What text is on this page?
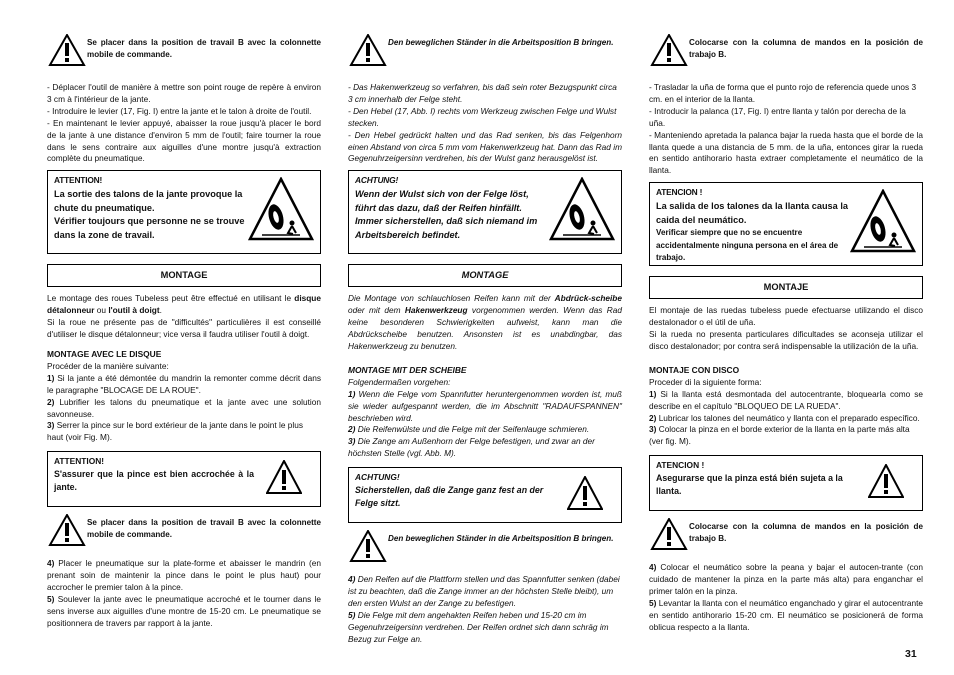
Se placer dans la position de travail B avec la colonnette mobile de commande.

- Déplacer l'outil de manière à mettre son point rouge de repère à environ 3 cm à l'intérieur de la jante.

- Introduire le levier (17, Fig. I) entre la jante et le talon à droite de l'outil.

- En maintenant le levier appuyé, abaisser la roue jusqu'à placer le bord de la jante à une distance d'environ 5 mm de l'outil; faire tourner la roue dans le sens contraire aux aiguilles d'une montre jusqu'à extraction complète du pneumatique.

ATTENTION!
La sortie des talons de la jante provoque la chute du pneumatique.
Vérifier toujours que personne ne se trouve dans la zone de travail.
MONTAGE

Le montage des roues Tubeless peut être effectué en utilisant le disque détalonneur ou l'outil à doigt.

Si la roue ne présente pas de "difficultés" particulières il est conseillé d'utiliser le disque détalonneur; vice versa il faudra utiliser l'outil à doigt.

MONTAGE AVEC LE DISQUE

Procéder de la manière suivante:

1) Si la jante a été démontée du mandrin la remonter comme décrit dans le paragraphe "BLOCAGE DE LA ROUE".

2) Lubrifier les talons du pneumatique et la jante avec une solution savonneuse.

3) Serrer la pince sur le bord extérieur de la jante dans le point le plus haut (voir Fig. M).

ATTENTION!
S'assurer que la pince est bien accrochée à la jante.
Se placer dans la position de travail B avec la colonnette mobile de commande.

4) Placer le pneumatique sur la plate-forme et abaisser le mandrin (en prenant soin de maintenir la pince dans le point le plus haut) pour accrocher le premier talon à la pince.

5) Soulever la jante avec le pneumatique accroché et le tourner dans le sens inverse aux aiguilles d'une montre de 15-20 cm. Le pneumatique se positionnera de travers par rapport à la jante.

Den beweglichen Ständer in die Arbeitsposition B bringen.

- Das Hakenwerkzeug so verfahren, bis daß sein roter Bezugspunkt circa 3 cm innerhalb der Felge steht.

- Den Hebel (17, Abb. I) rechts vom Werkzeug zwischen Felge und Wulst stecken.

- Den Hebel gedrückt halten und das Rad senken, bis das Felgenhorn einen Abstand von circa 5 mm vom Hakenwerkzeug hat. Dann das Rad im Gegenuhrzeigersinn verdrehen, bis der Wulst ganz herausgelöst ist.

ACHTUNG!
Wenn der Wulst sich von der Felge löst, führt das dazu, daß der Reifen hinfällt.
Immer sicherstellen, daß sich niemand im Arbeitsbereich befindet.
MONTAGE

Die Montage von schlauchlosen Reifen kann mit der Abdrück-scheibe oder mit dem Hakenwerkzeug vorgenommen werden. Wenn das Rad keine besonderen Schwierigkeiten aufweist, kann man die Abdrückscheibe benutzen. Ansonsten ist es unabdingbar, das Hakenwerkzeug zu benutzen.

MONTAGE MIT DER SCHEIBE

Folgendermaßen vorgehen:

1) Wenn die Felge vom Spannfutter heruntergenommen worden ist, muß sie wieder aufgespannt werden, die im Abschnitt "RADAUFSPANNEN" beschrieben wird.

2) Die Reifenwülste und die Felge mit der Seifenlauge schmieren.

3) Die Zange am Außenhorn der Felge befestigen, und zwar an der höchsten Stelle (vgl. Abb. M).

ACHTUNG!
Sicherstellen, daß die Zange ganz fest an der Felge sitzt.
Den beweglichen Ständer in die Arbeitsposition B bringen.

4) Den Reifen auf die Plattform stellen und das Spannfutter senken (dabei ist zu beachten, daß die Zange immer an der höchsten Stelle bleibt), um den ersten Wulst an der Zange zu befestigen.

5) Die Felge mit dem angehakten Reifen heben und 15-20 cm im Gegenuhrzeigersinn verdrehen. Der Reifen ordnet sich dann schräg im Bezug zur Felge an.

Colocarse con la columna de mandos en la posición de trabajo B.

- Trasladar la uña de forma que el punto rojo de referencia quede unos 3 cm. en el interior de la llanta.

- Introducir la palanca (17, Fig. I) entre llanta y talón por derecha de la uña.

- Manteniendo apretada la palanca bajar la rueda hasta que el borde de la llanta quede a una distancia de 5 mm. de la uña, entonces girar la rueda en sentido antihorario hasta extraer completamente el neumático de la llanta.

ATENCION !
La salida de los talones da la llanta causa la caida del neumático.
Verificar siempre que no se encuentre accidentalmente ninguna persona en el área de trabajo.
MONTAJE

El montaje de las ruedas tubeless puede efectuarse utilizando el disco destalonador o el útil de uña.

Si la rueda no presenta particulares dificultades se aconseja utilizar el disco destalonador; por contra será indispensable la utilización de la uña.

MONTAJE CON DISCO

Proceder di la siguiente forma:

1) Si la llanta está desmontada del autocentrante, bloquearla como se describe en el capítulo "BLOQUEO DE LA RUEDA".

2) Lubricar los talones del neumático y llanta con el preparado específico.

3) Colocar la pinza en el borde exterior de la llanta en la parte más alta (ver fig. M).

ATENCION !
Asegurarse que la pinza está bién sujeta a la llanta.
Colocarse con la columna de mandos en la posición de trabajo B.

4) Colocar el neumático sobre la peana y bajar el autocen-trante (con cuidado de mantener la pinza en la parte más alta) para enganchar el primer talón en la pinza.

5) Levantar la llanta con el neumático enganchado y girar el autocentrante en sentido antihorario 15-20 cm. El neumático se posicionerá de forma oblicua respecto a la llanta.

31
